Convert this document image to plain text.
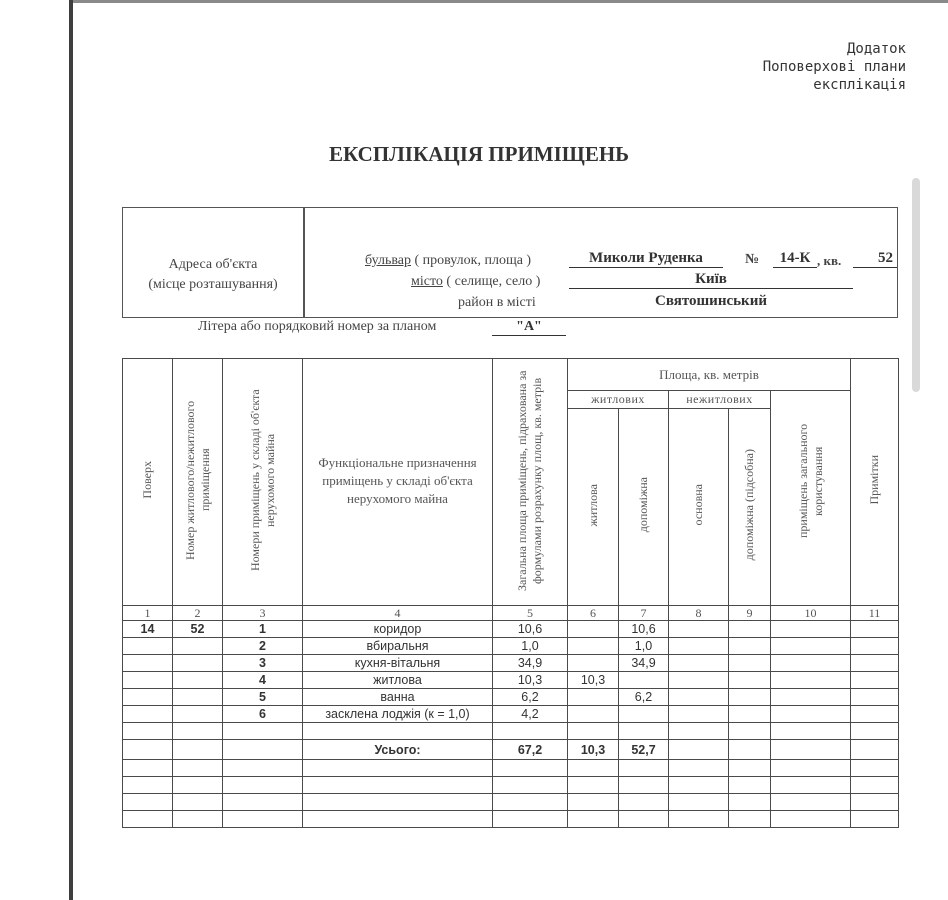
Додаток
Поповерхові плани
експлікація
ЕКСПЛІКАЦІЯ ПРИМІЩЕНЬ
Адреса об'єкта
(місце розташування)
бульвар ( провулок, площа )	Миколи Руденка	№	14-К , кв.	52
місто ( селище, село )	Київ
район в місті	Святошинський
Літера або порядковий номер за планом	"А"
Поверх	Номер житлового/нежитлового приміщення	Номери приміщень у складі об'єкта нерухомого майна	Функціональне призначення приміщень у складі об'єкта нерухомого майна	Загальна площа приміщень, підрахована за формулами розрахунку площ, кв. метрів	Площа, кв. метрів					Примітки
					житлових		нежитлових		приміщень загального користування	
					житлова	допоміжна	основна	допоміжна (підсобна)		
1	2	3	4	5	6	7	8	9	10	11
14	52	1	коридор	10,6		10,6				
		2	вбиральня	1,0		1,0				
		3	кухня-вітальня	34,9		34,9				
		4	житлова	10,3	10,3					
		5	ванна	6,2		6,2				
		6	засклена лоджія (к = 1,0)	4,2						

			Усього:	67,2	10,3	52,7				
